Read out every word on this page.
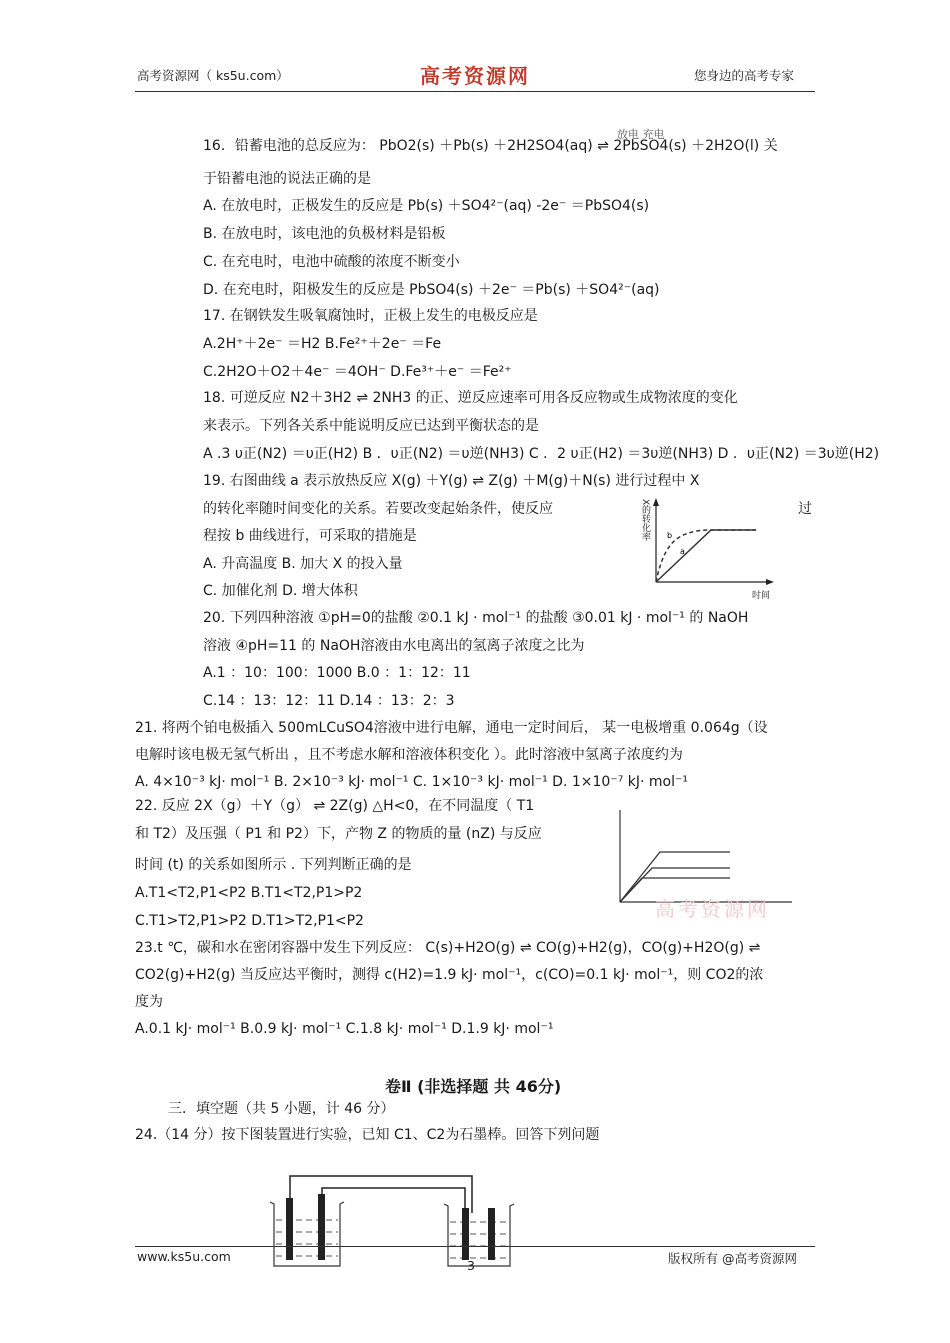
高考资源网（ ks5u.com）	高考资源网	您身边的高考专家
16．铅蓄电池的总反应为： PbO2(s) ＋Pb(s) ＋2H2SO4(aq) ⇌ 2PbSO4(s) ＋2H2O(l) 关
放电 充电
于铅蓄电池的说法正确的是
A. 在放电时，正极发生的反应是 Pb(s) ＋SO4²⁻(aq) -2e⁻ ＝PbSO4(s)
B. 在放电时，该电池的负极材料是铅板
C. 在充电时，电池中硫酸的浓度不断变小
D. 在充电时，阳极发生的反应是 PbSO4(s) ＋2e⁻ ＝Pb(s) ＋SO4²⁻(aq)
17. 在钢铁发生吸氧腐蚀时，正极上发生的电极反应是
A.2H⁺＋2e⁻ ＝H2 B.Fe²⁺＋2e⁻ ＝Fe
C.2H2O＋O2＋4e⁻ ＝4OH⁻ D.Fe³⁺＋e⁻ ＝Fe²⁺
18. 可逆反应 N2＋3H2 ⇌ 2NH3 的正、逆反应速率可用各反应物或生成物浓度的变化
来表示。下列各关系中能说明反应已达到平衡状态的是
A .3 υ正(N2) ＝υ正(H2) B ．υ正(N2) ＝υ逆(NH3) C ．2 υ正(H2) ＝3υ逆(NH3) D ．υ正(N2) ＝3υ逆(H2)
19. 右图曲线 a 表示放热反应 X(g) ＋Y(g) ⇌ Z(g) ＋M(g)＋N(s) 进行过程中 X
的转化率随时间变化的关系。若要改变起始条件，使反应	过
程按 b 曲线进行，可采取的措施是
A. 升高温度 B. 加大 X 的投入量
C. 加催化剂 D. 增大体积
b
a
X的转化率
时间
20. 下列四种溶液 ①pH=0的盐酸 ②0.1 kJ · mol⁻¹ 的盐酸 ③0.01 kJ · mol⁻¹ 的 NaOH
溶液 ④pH=11 的 NaOH溶液由水电离出的氢离子浓度之比为
A.1 ：10：100：1000 B.0 ：1：12：11
C.14 ：13：12：11 D.14 ：13：2：3
21. 将两个铂电极插入 500mLCuSO4溶液中进行电解，通电一定时间后， 某一电极增重 0.064g（设
电解时该电极无氢气析出 ，且不考虑水解和溶液体积变化 ）。此时溶液中氢离子浓度约为
A. 4×10⁻³ kJ· mol⁻¹ B. 2×10⁻³ kJ· mol⁻¹ C. 1×10⁻³ kJ· mol⁻¹ D. 1×10⁻⁷ kJ· mol⁻¹
22. 反应 2X（g）＋Y（g） ⇌ 2Z(g) △H<0，在不同温度（ T1
和 T2）及压强（ P1 和 P2）下，产物 Z 的物质的量 (nZ) 与反应
时间 (t) 的关系如图所示 . 下列判断正确的是
A.T1<T2,P1<P2 B.T1<T2,P1>P2
C.T1>T2,P1>P2 D.T1>T2,P1<P2	高考资源网
23.t ℃，碳和水在密闭容器中发生下列反应： C(s)+H2O(g) ⇌ CO(g)+H2(g)，CO(g)+H2O(g) ⇌
CO2(g)+H2(g) 当反应达平衡时，测得 c(H2)=1.9 kJ· mol⁻¹，c(CO)=0.1 kJ· mol⁻¹，则 CO2的浓
度为
A.0.1 kJ· mol⁻¹ B.0.9 kJ· mol⁻¹ C.1.8 kJ· mol⁻¹ D.1.9 kJ· mol⁻¹
卷Ⅱ (非选择题 共 46分)
三．填空题（共 5 小题，计 46 分）
24.（14 分）按下图装置进行实验，已知 C1、C2为石墨棒。回答下列问题
www.ks5u.com
3	版权所有 @高考资源网
